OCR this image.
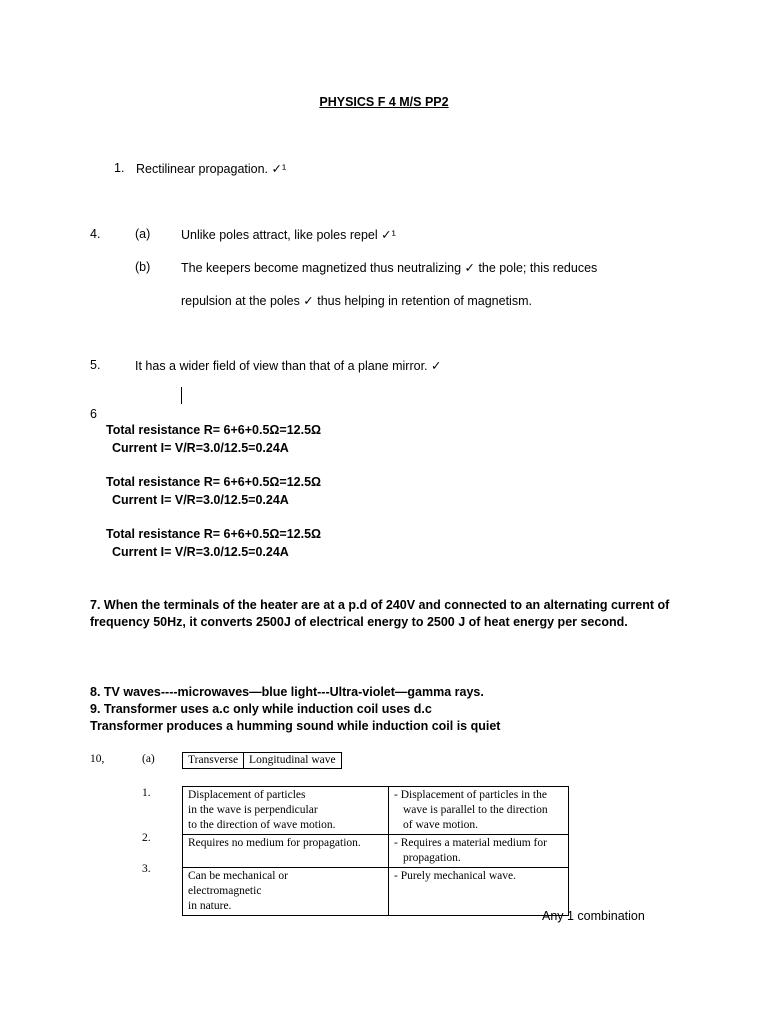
PHYSICS F 4 M/S PP2
1. Rectilinear propagation. ✓¹
4.	(a) Unlike poles attract, like poles repel ✓¹
(b) The keepers become magnetized thus neutralizing ✓ the pole; this reduces
repulsion at the poles ✓ thus helping in retention of magnetism.
5.	It has a wider field of view than that of a plane mirror. ✓
6
Total resistance R= 6+6+0.5Ω=12.5Ω
Current I= V/R=3.0/12.5=0.24A
Total resistance R= 6+6+0.5Ω=12.5Ω
Current I= V/R=3.0/12.5=0.24A
Total resistance R= 6+6+0.5Ω=12.5Ω
Current I= V/R=3.0/12.5=0.24A
7. When the terminals of the heater are at a p.d of 240V and connected to an alternating current of
frequency 50Hz, it converts 2500J of electrical energy to 2500 J of heat energy per second.
8. TV waves----microwaves—blue light---Ultra-violet—gamma rays.
9. Transformer uses a.c only while induction coil uses d.c
Transformer produces a humming sound while induction coil is quiet
10,	(a)	Transverse	Longitudinal wave
1.
2.
3.
Displacement of particles
in the wave is perpendicular
to the direction of wave motion.	- Displacement of particles in the
wave is parallel to the direction
of wave motion.

Requires no medium for propagation.	- Requires a material medium for
propagation.

Can be mechanical or
electromagnetic
in nature.	- Purely mechanical wave.
Any 1 combination
